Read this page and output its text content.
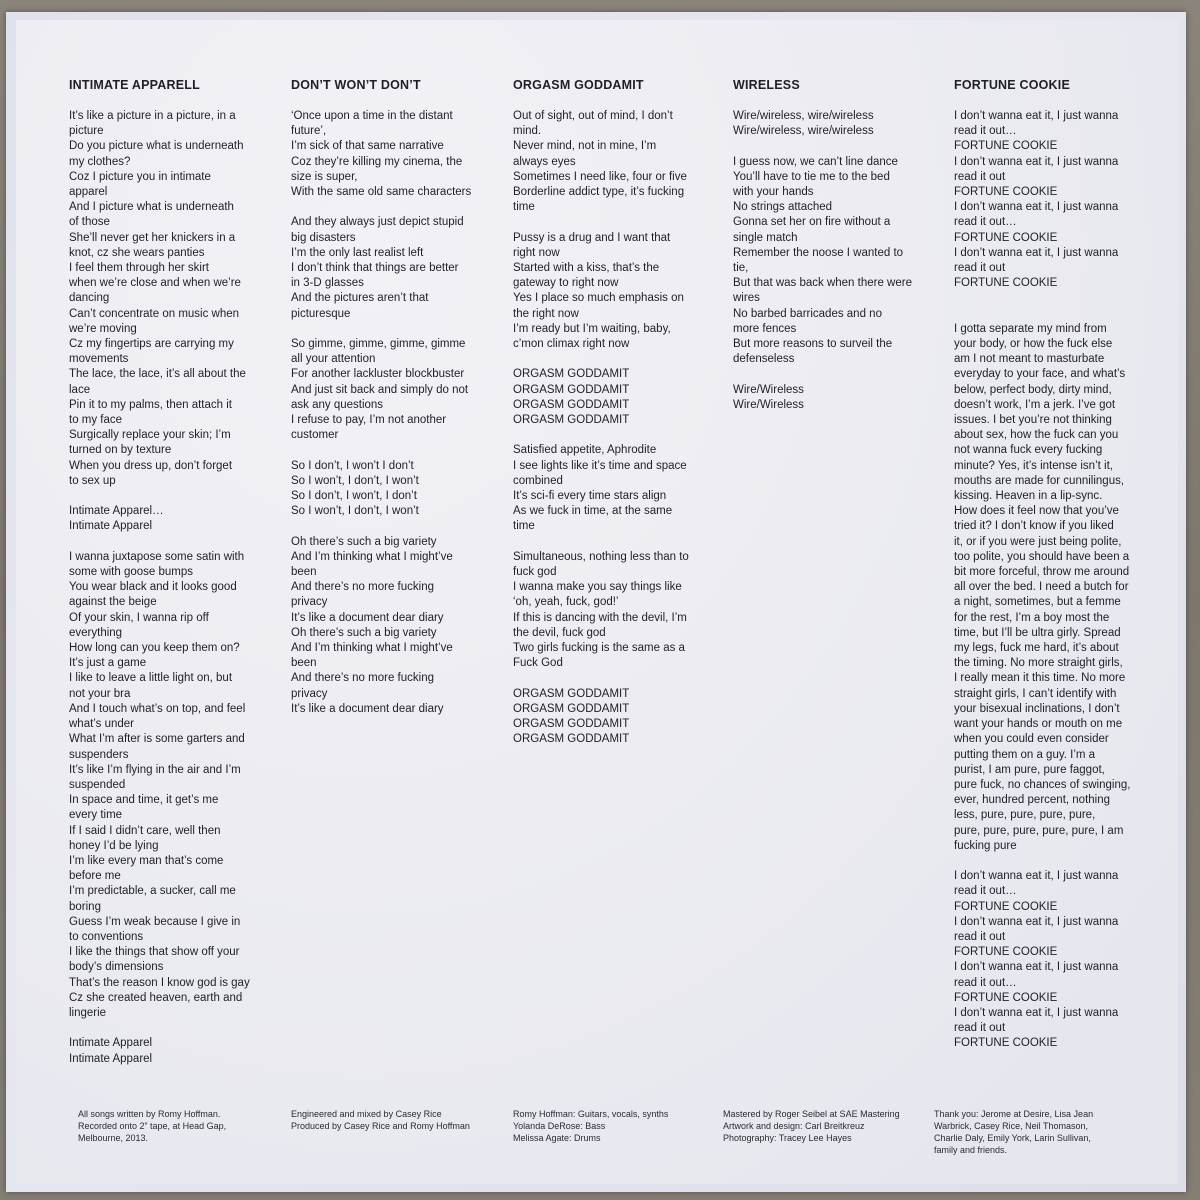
INTIMATE APPARELL
It’s like a picture in a picture, in a
picture
Do you picture what is underneath
my clothes?
Coz I picture you in intimate
apparel
And I picture what is underneath
of those
She’ll never get her knickers in a
knot, cz she wears panties
I feel them through her skirt
when we’re close and when we’re
dancing
Can’t concentrate on music when
we’re moving
Cz my fingertips are carrying my
movements
The lace, the lace, it’s all about the
lace
Pin it to my palms, then attach it
to my face
Surgically replace your skin; I’m
turned on by texture
When you dress up, don’t forget
to sex up
Intimate Apparel…
Intimate Apparel
I wanna juxtapose some satin with
some with goose bumps
You wear black and it looks good
against the beige
Of your skin, I wanna rip off
everything
How long can you keep them on?
It’s just a game
I like to leave a little light on, but
not your bra
And I touch what’s on top, and feel
what’s under
What I’m after is some garters and
suspenders
It’s like I’m flying in the air and I’m
suspended
In space and time, it get’s me
every time
If I said I didn’t care, well then
honey I’d be lying
I’m like every man that’s come
before me
I’m predictable, a sucker, call me
boring
Guess I’m weak because I give in
to conventions
I like the things that show off your
body’s dimensions
That’s the reason I know god is gay
Cz she created heaven, earth and
lingerie
Intimate Apparel
Intimate Apparel
DON’T WON’T DON’T
‘Once upon a time in the distant
future’,
I’m sick of that same narrative
Coz they’re killing my cinema, the
size is super,
With the same old same characters
And they always just depict stupid
big disasters
I’m the only last realist left
I don’t think that things are better
in 3-D glasses
And the pictures aren’t that
picturesque
So gimme, gimme, gimme, gimme
all your attention
For another lackluster blockbuster
And just sit back and simply do not
ask any questions
I refuse to pay, I’m not another
customer
So I don’t, I won’t I don’t
So I won’t, I don’t, I won’t
So I don’t, I won’t, I don’t
So I won’t, I don’t, I won’t
Oh there’s such a big variety
And I’m thinking what I might’ve
been
And there’s no more fucking
privacy
It’s like a document dear diary
Oh there’s such a big variety
And I’m thinking what I might’ve
been
And there’s no more fucking
privacy
It’s like a document dear diary
ORGASM GODDAMIT
Out of sight, out of mind, I don’t
mind.
Never mind, not in mine, I’m
always eyes
Sometimes I need like, four or five
Borderline addict type, it’s fucking
time
Pussy is a drug and I want that
right now
Started with a kiss, that’s the
gateway to right now
Yes I place so much emphasis on
the right now
I’m ready but I’m waiting, baby,
c’mon climax right now
ORGASM GODDAMIT
ORGASM GODDAMIT
ORGASM GODDAMIT
ORGASM GODDAMIT
Satisfied appetite, Aphrodite
I see lights like it’s time and space
combined
It’s sci-fi every time stars align
As we fuck in time, at the same
time
Simultaneous, nothing less than to
fuck god
I wanna make you say things like
‘oh, yeah, fuck, god!’
If this is dancing with the devil, I’m
the devil, fuck god
Two girls fucking is the same as a
Fuck God
ORGASM GODDAMIT
ORGASM GODDAMIT
ORGASM GODDAMIT
ORGASM GODDAMIT
WIRELESS
Wire/wireless, wire/wireless
Wire/wireless, wire/wireless
I guess now, we can’t line dance
You’ll have to tie me to the bed
with your hands
No strings attached
Gonna set her on fire without a
single match
Remember the noose I wanted to
tie,
But that was back when there were
wires
No barbed barricades and no
more fences
But more reasons to surveil the
defenseless
Wire/Wireless
Wire/Wireless
FORTUNE COOKIE
I don’t wanna eat it, I just wanna
read it out…
FORTUNE COOKIE
I don’t wanna eat it, I just wanna
read it out
FORTUNE COOKIE
I don’t wanna eat it, I just wanna
read it out…
FORTUNE COOKIE
I don’t wanna eat it, I just wanna
read it out
FORTUNE COOKIE
I gotta separate my mind from
your body, or how the fuck else
am I not meant to masturbate
everyday to your face, and what’s
below, perfect body, dirty mind,
doesn’t work, I’m a jerk. I’ve got
issues. I bet you’re not thinking
about sex, how the fuck can you
not wanna fuck every fucking
minute? Yes, it’s intense isn’t it,
mouths are made for cunnilingus,
kissing. Heaven in a lip-sync.
How does it feel now that you’ve
tried it? I don’t know if you liked
it, or if you were just being polite,
too polite, you should have been a
bit more forceful, throw me around
all over the bed. I need a butch for
a night, sometimes, but a femme
for the rest, I’m a boy most the
time, but I’ll be ultra girly. Spread
my legs, fuck me hard, it’s about
the timing. No more straight girls,
I really mean it this time. No more
straight girls, I can’t identify with
your bisexual inclinations, I don’t
want your hands or mouth on me
when you could even consider
putting them on a guy. I’m a
purist, I am pure, pure faggot,
pure fuck, no chances of swinging,
ever, hundred percent, nothing
less, pure, pure, pure, pure,
pure, pure, pure, pure, pure, I am
fucking pure
I don’t wanna eat it, I just wanna
read it out…
FORTUNE COOKIE
I don’t wanna eat it, I just wanna
read it out
FORTUNE COOKIE
I don’t wanna eat it, I just wanna
read it out…
FORTUNE COOKIE
I don’t wanna eat it, I just wanna
read it out
FORTUNE COOKIE
All songs written by Romy Hoffman.
Recorded onto 2” tape, at Head Gap,
Melbourne, 2013.
Engineered and mixed by Casey Rice
Produced by Casey Rice and Romy Hoffman
Romy Hoffman: Guitars, vocals, synths
Yolanda DeRose: Bass
Melissa Agate: Drums
Mastered by Roger Seibel at SAE Mastering
Artwork and design: Carl Breitkreuz
Photography: Tracey Lee Hayes
Thank you: Jerome at Desire, Lisa Jean
Warbrick, Casey Rice, Neil Thomason,
Charlie Daly, Emily York, Larin Sullivan,
family and friends.
